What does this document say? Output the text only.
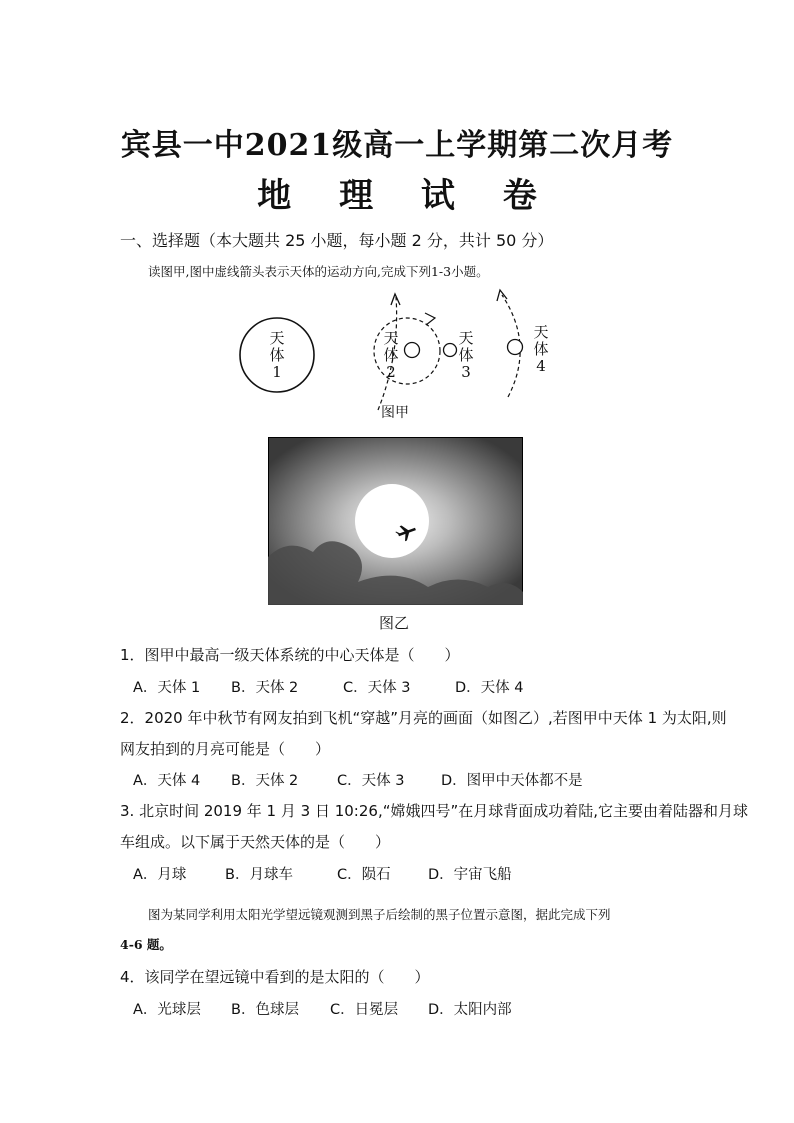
宾县一中2021级高一上学期第二次月考
地 理 试 卷
一、选择题（本大题共 25 小题，每小题 2 分，共计 50 分）
读图甲,图中虚线箭头表示天体的运动方向,完成下列1-3小题。
天
体
1
天
体
2
天
体
3
天
体
4
图甲
图乙
1．图甲中最高一级天体系统的中心天体是（　　）
A．天体 1 B．天体 2	C．天体 3	D．天体 4
2．2020 年中秋节有网友拍到飞机“穿越”月亮的画面（如图乙）,若图甲中天体 1 为太阳,则
网友拍到的月亮可能是（　　）
A．天体 4 B．天体 2	C．天体 3	D．图甲中天体都不是
3. 北京时间 2019 年 1 月 3 日 10:26,“嫦娥四号”在月球背面成功着陆,它主要由着陆器和月球
车组成。以下属于天然天体的是（　　）
A．月球	B．月球车	C．陨石	D．宇宙飞船
图为某同学利用太阳光学望远镜观测到黑子后绘制的黑子位置示意图，据此完成下列
4-6 题。
4．该同学在望远镜中看到的是太阳的（　　）
A．光球层 B．色球层 C．日冕层 D．太阳内部
